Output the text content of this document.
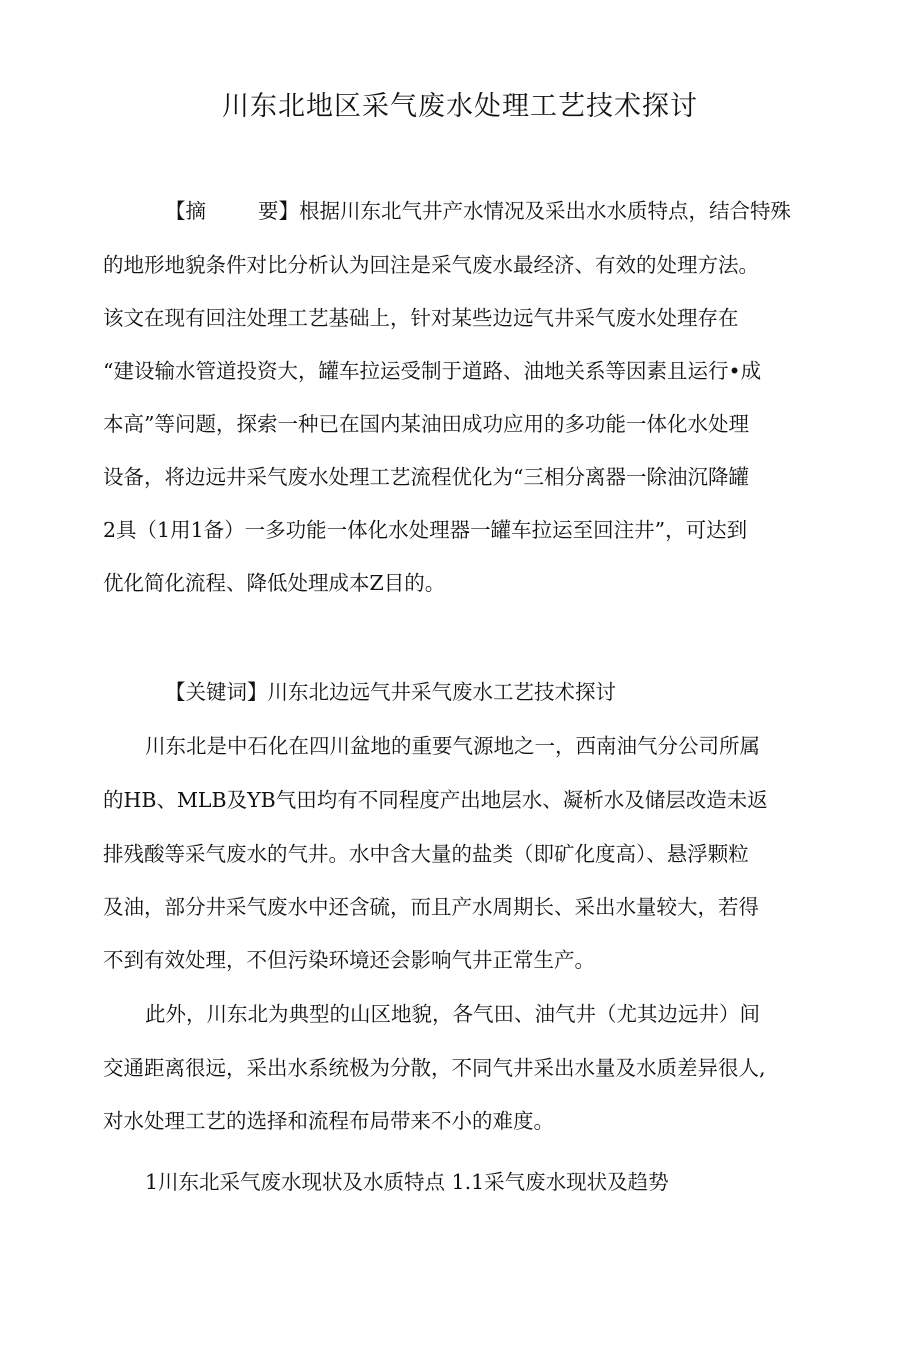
川东北地区采气废水处理工艺技术探讨

【摘	要】根据川东北气井产水情况及采出水水质特点，结合特殊

的地形地貌条件对比分析认为回注是采气废水最经济、有效的处理方法。

该文在现有回注处理工艺基础上，针对某些边远气井采气废水处理存在

“建设输水管道投资大，罐车拉运受制于道路、油地关系等因素且运行•成

本高”等问题，探索一种已在国内某油田成功应用的多功能一体化水处理

设备，将边远井采气废水处理工艺流程优化为“三相分离器一除油沉降罐

2具（1用1备）一多功能一体化水处理器一罐车拉运至回注井”，可达到

优化简化流程、降低处理成本Z目的。

【关键词】川东北边远气井采气废水工艺技术探讨

川东北是中石化在四川盆地的重要气源地之一，西南油气分公司所属

的HB、MLB及YB气田均有不同程度产出地层水、凝析水及储层改造未返

排残酸等采气废水的气井。水中含大量的盐类（即矿化度高）、悬浮颗粒

及油，部分井采气废水中还含硫，而且产水周期长、采出水量较大，若得

不到有效处理，不但污染环境还会影响气井正常生产。

此外，川东北为典型的山区地貌，各气田、油气井（尤其边远井）间

交通距离很远，采出水系统极为分散，不同气井采出水量及水质差异很人,

对水处理工艺的选择和流程布局带来不小的难度。

1川东北采气废水现状及水质特点 1.1采气废水现状及趋势
